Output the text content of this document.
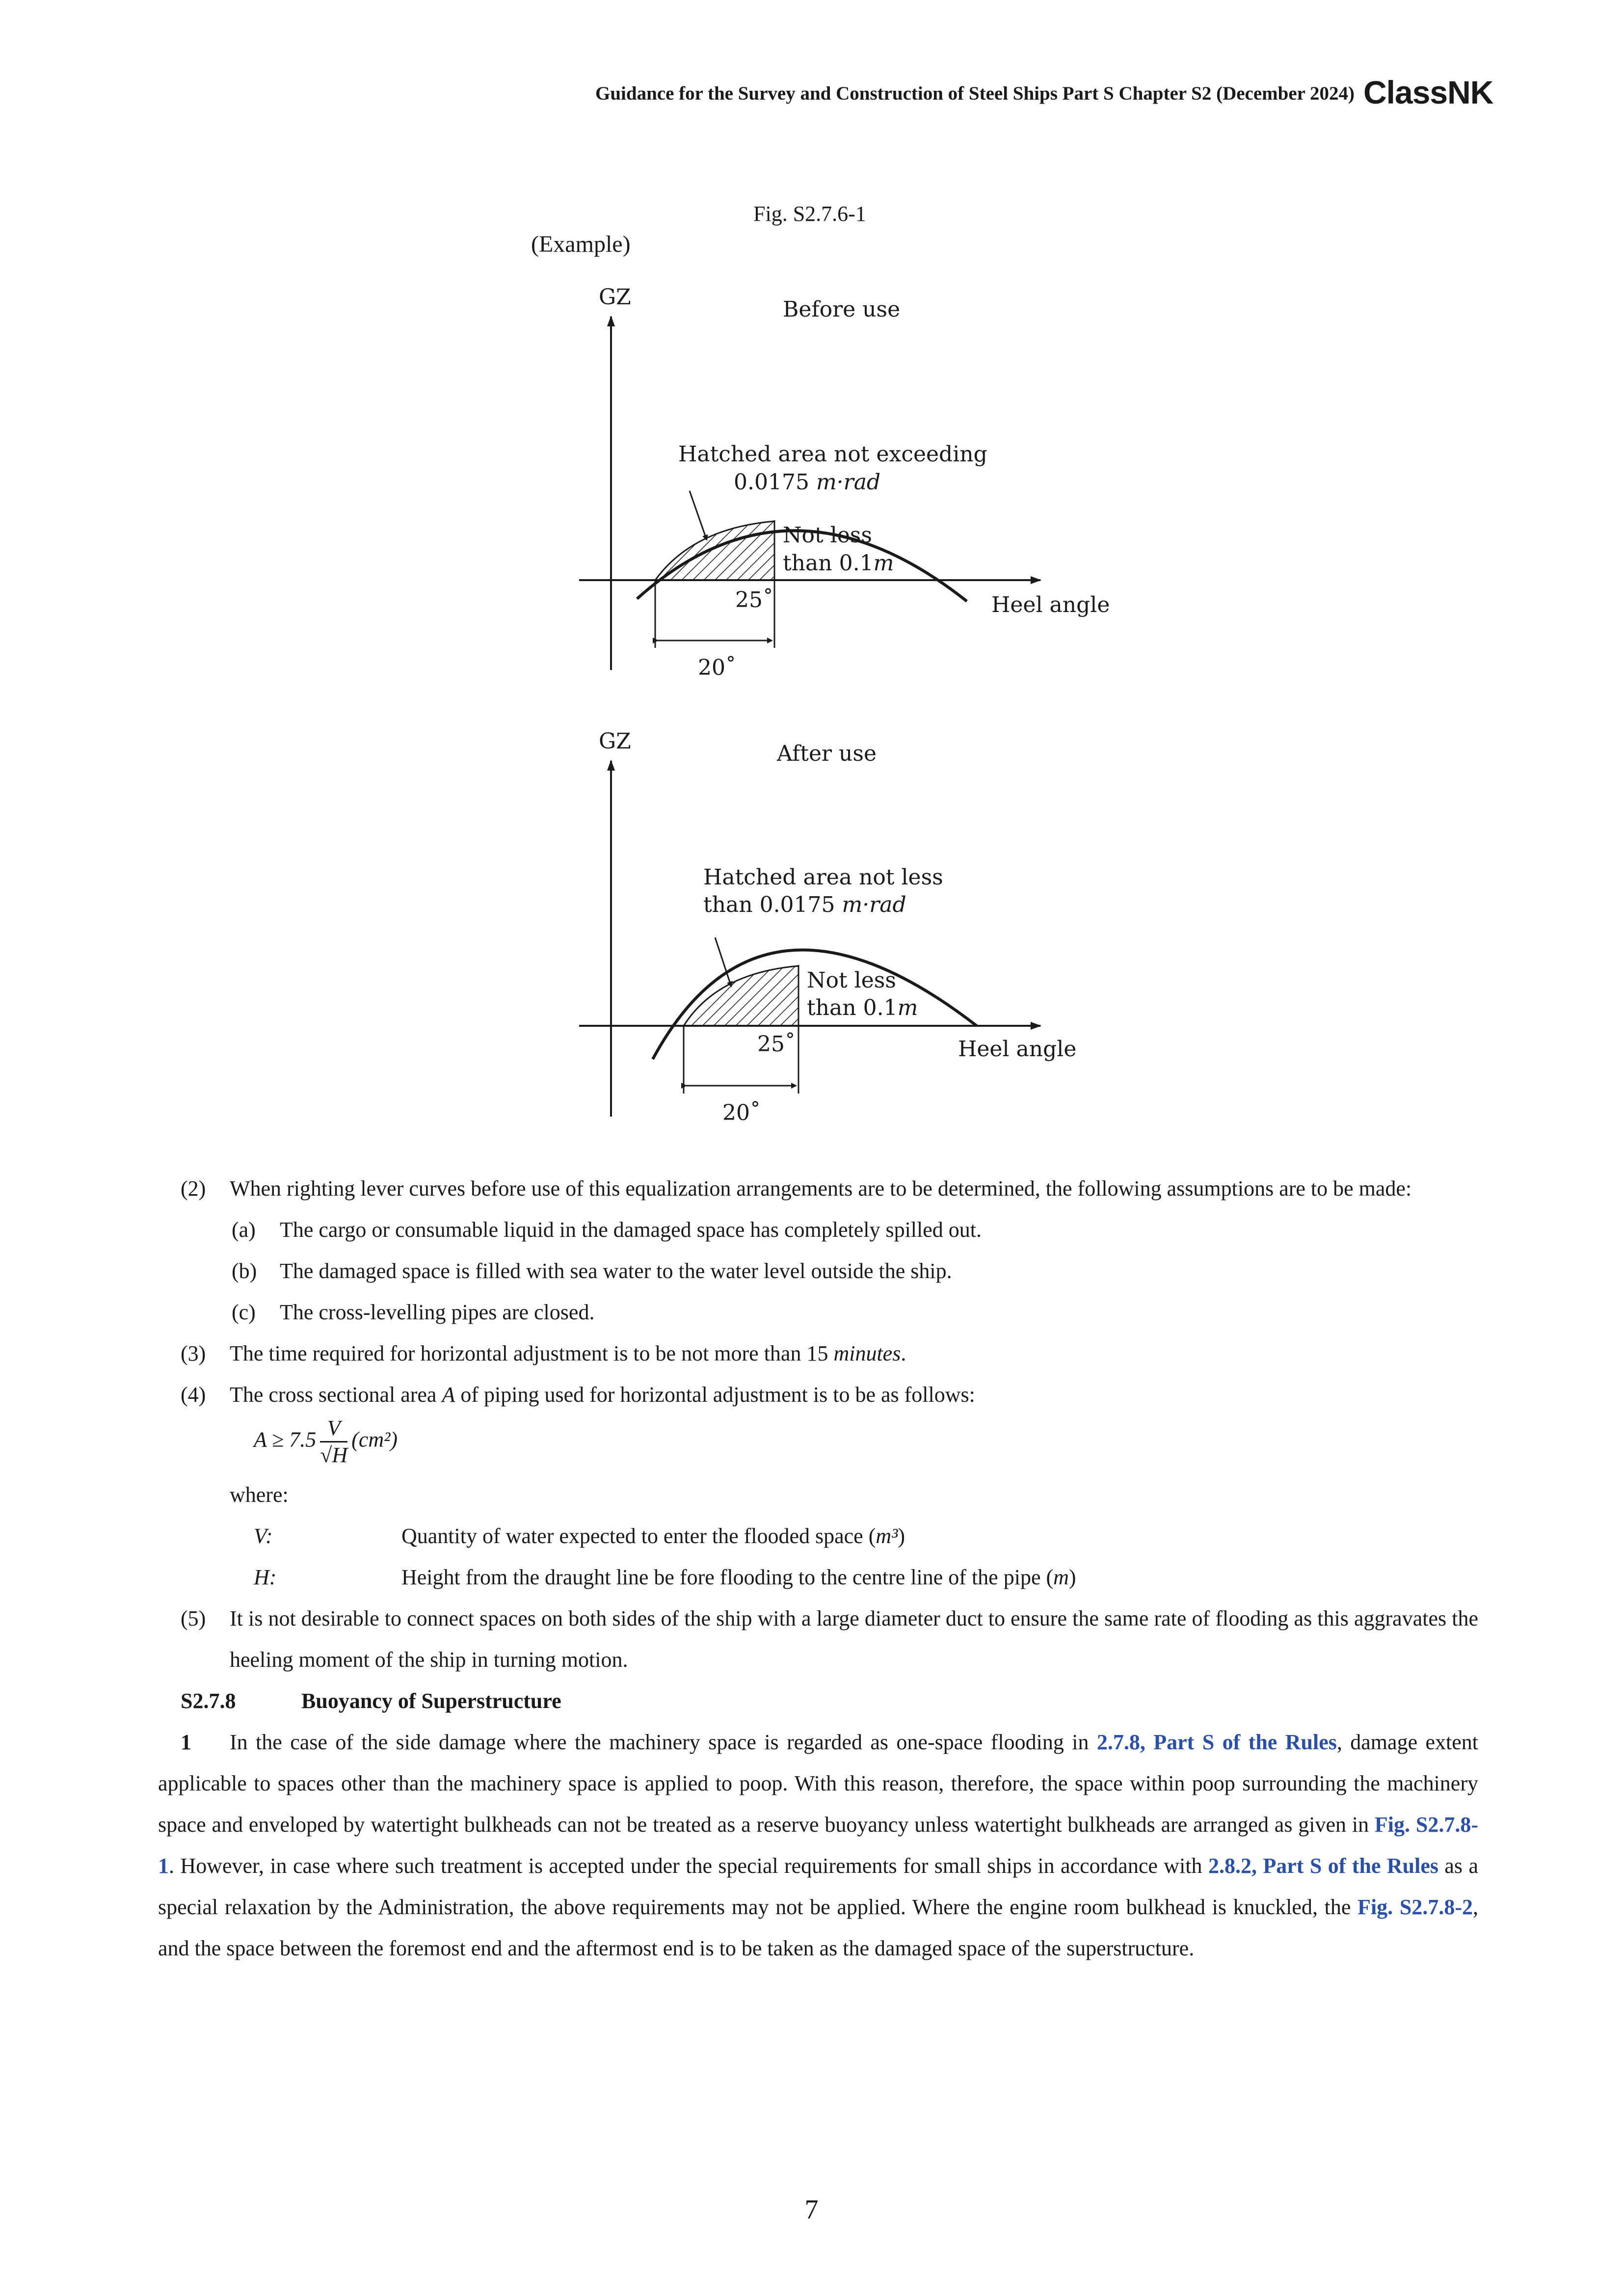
Guidance for the Survey and Construction of Steel Ships Part S Chapter S2 (December 2024) ClassNK
Fig. S2.7.6-1
(Example)
GZ	Before use
Hatched area not exceeding
0.0175 m·rad
Not less
than 0.1m
25˚
20˚
Heel angle
GZ	After use
Hatched area not less
than 0.0175 m·rad
Not less
than 0.1m
25˚
20˚
Heel angle

(2) When righting lever curves before use of this equalization arrangements are to be determined, the following assumptions are to be made:

(a) The cargo or consumable liquid in the damaged space has completely spilled out.

(b) The damaged space is filled with sea water to the water level outside the ship.

(c) The cross-levelling pipes are closed.

(3) The time required for horizontal adjustment is to be not more than 15 minutes.

(4) The cross sectional area A of piping used for horizontal adjustment is to be as follows:

$A \ge 7.5 \frac{V}{√H} (cm^2)$

where:

V:	Quantity of water expected to enter the flooded space (m³)

H:	Height from the draught line be fore flooding to the centre line of the pipe (m)

(5) It is not desirable to connect spaces on both sides of the ship with a large diameter duct to ensure the same rate of flooding as this aggravates the heeling moment of the ship in turning motion.

S2.7.8	Buoyancy of Superstructure

1 In the case of the side damage where the machinery space is regarded as one-space flooding in 2.7.8, Part S of the Rules, damage extent applicable to spaces other than the machinery space is applied to poop. With this reason, therefore, the space within poop surrounding the machinery space and enveloped by watertight bulkheads can not be treated as a reserve buoyancy unless watertight bulkheads are arranged as given in Fig. S2.7.8-1. However, in case where such treatment is accepted under the special requirements for small ships in accordance with 2.8.2, Part S of the Rules as a special relaxation by the Administration, the above requirements may not be applied. Where the engine room bulkhead is knuckled, the Fig. S2.7.8-2, and the space between the foremost end and the aftermost end is to be taken as the damaged space of the superstructure.

7
